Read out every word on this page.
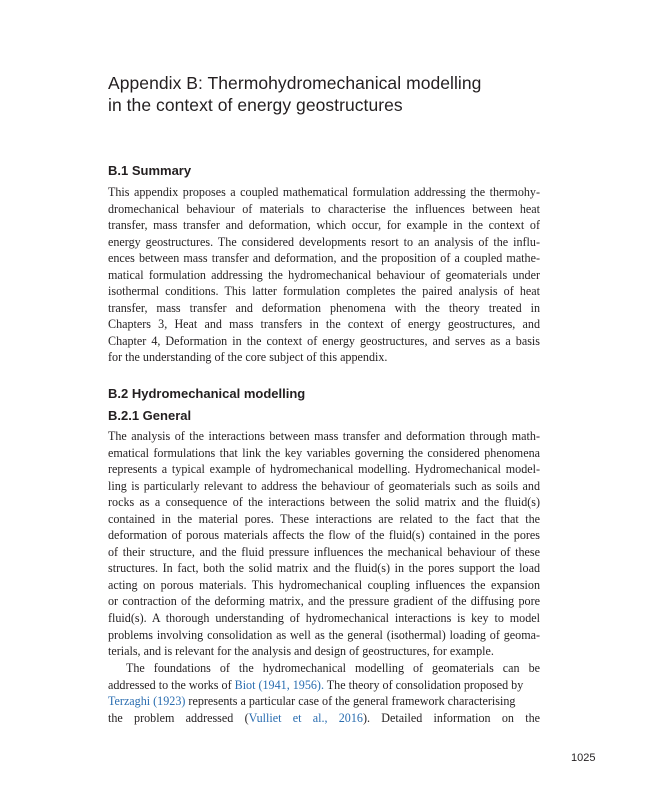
Appendix B: Thermohydromechanical modelling
in the context of energy geostructures
B.1 Summary
This appendix proposes a coupled mathematical formulation addressing the thermohy-
dromechanical behaviour of materials to characterise the influences between heat
transfer, mass transfer and deformation, which occur, for example in the context of
energy geostructures. The considered developments resort to an analysis of the influ-
ences between mass transfer and deformation, and the proposition of a coupled mathe-
matical formulation addressing the hydromechanical behaviour of geomaterials under
isothermal conditions. This latter formulation completes the paired analysis of heat
transfer, mass transfer and deformation phenomena with the theory treated in
Chapters 3, Heat and mass transfers in the context of energy geostructures, and
Chapter 4, Deformation in the context of energy geostructures, and serves as a basis
for the understanding of the core subject of this appendix.
B.2 Hydromechanical modelling
B.2.1 General
The analysis of the interactions between mass transfer and deformation through math-
ematical formulations that link the key variables governing the considered phenomena
represents a typical example of hydromechanical modelling. Hydromechanical model-
ling is particularly relevant to address the behaviour of geomaterials such as soils and
rocks as a consequence of the interactions between the solid matrix and the fluid(s)
contained in the material pores. These interactions are related to the fact that the
deformation of porous materials affects the flow of the fluid(s) contained in the pores
of their structure, and the fluid pressure influences the mechanical behaviour of these
structures. In fact, both the solid matrix and the fluid(s) in the pores support the load
acting on porous materials. This hydromechanical coupling influences the expansion
or contraction of the deforming matrix, and the pressure gradient of the diffusing pore
fluid(s). A thorough understanding of hydromechanical interactions is key to model
problems involving consolidation as well as the general (isothermal) loading of geoma-
terials, and is relevant for the analysis and design of geostructures, for example.
The foundations of the hydromechanical modelling of geomaterials can be
addressed to the works of Biot (1941, 1956). The theory of consolidation proposed by
Terzaghi (1923) represents a particular case of the general framework characterising
the problem addressed (Vulliet et al., 2016). Detailed information on the
1025
